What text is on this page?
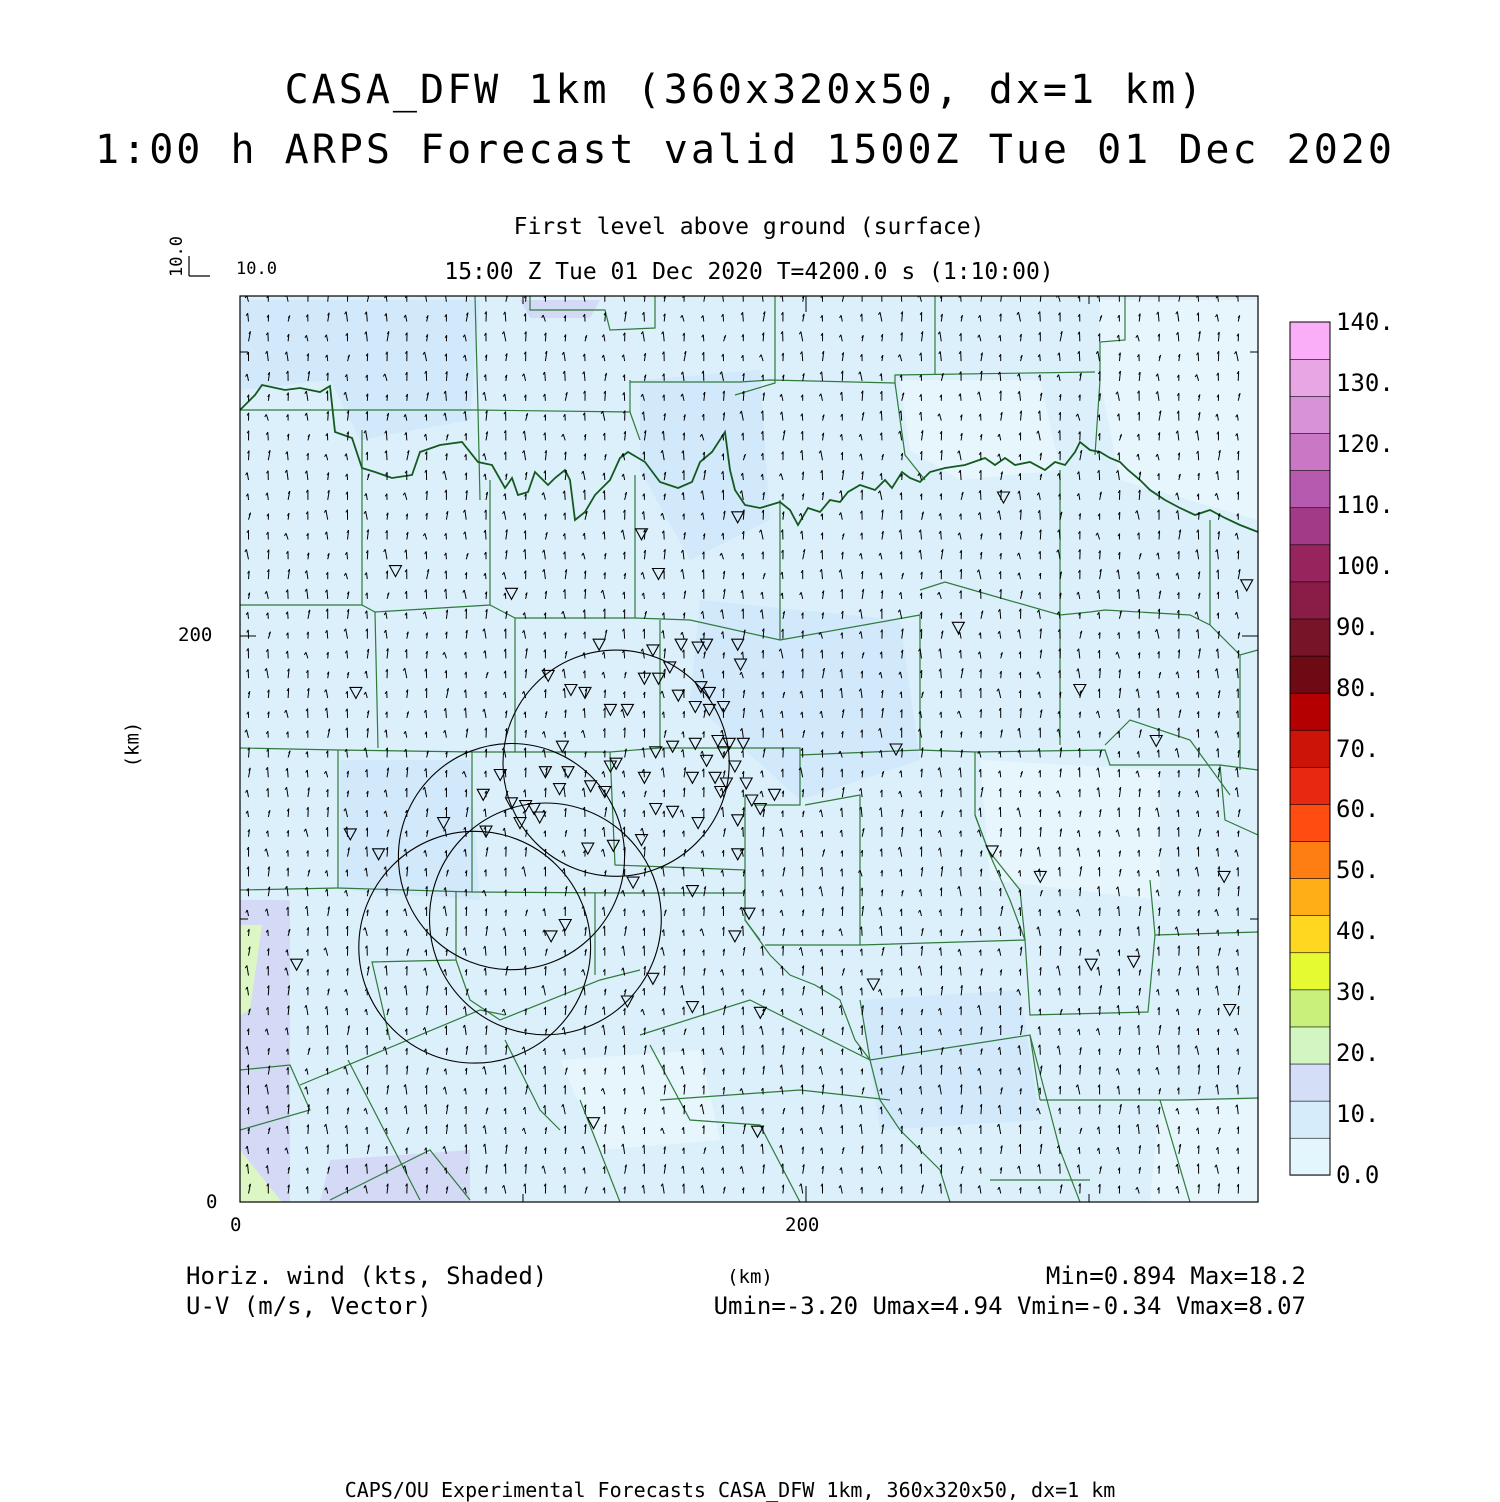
CASA_DFW 1km (360x320x50, dx=1 km)
1:00 h ARPS Forecast valid 1500Z Tue 01 Dec 2020
First level above ground (surface)
15:00 Z Tue 01 Dec 2020 T=4200.0 s (1:10:00)
10.0
10.0
(km)
(km)
0
200
0	200
0.0
10.
20.
30.
40.
50.
60.
70.
80.
90.
100.
110.
120.
130.
140.
Horiz. wind (kts, Shaded)
U-V (m/s, Vector)
Min=0.894 Max=18.2
Umin=-3.20 Umax=4.94 Vmin=-0.34 Vmax=8.07
CAPS/OU Experimental Forecasts CASA_DFW 1km, 360x320x50, dx=1 km
